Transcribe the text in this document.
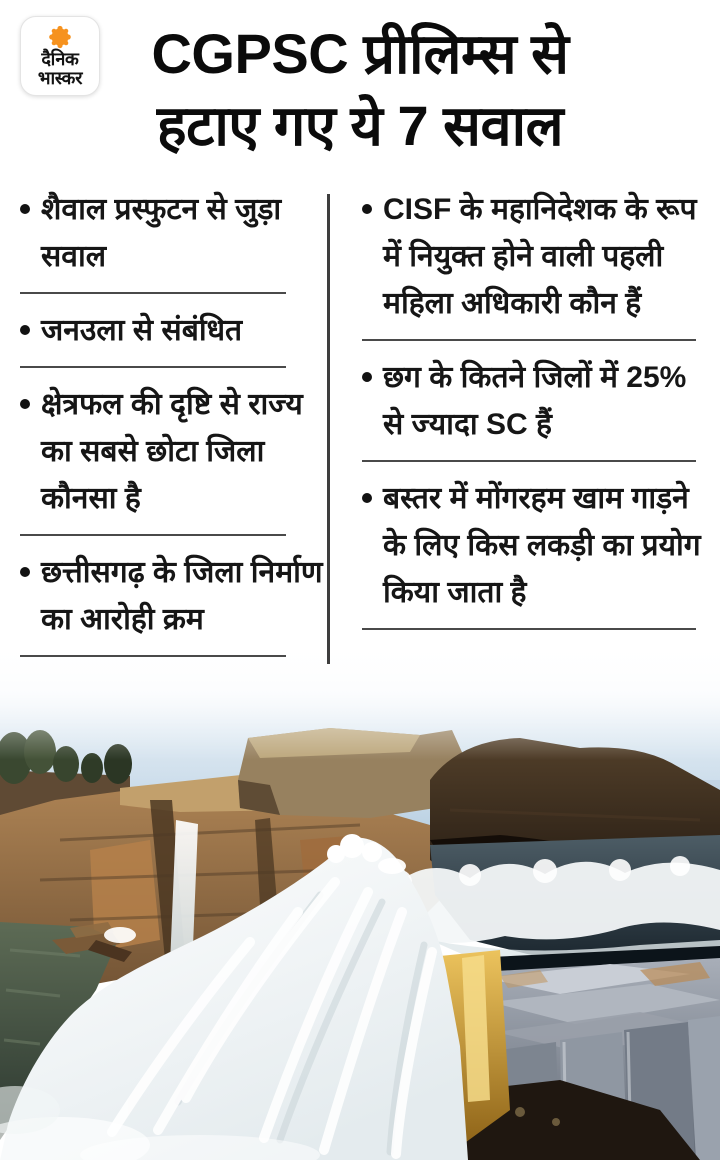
दैनिक
भास्कर	CGPSC प्रीलिम्स से
हटाए गए ये 7 सवाल

शैवाल प्रस्फुटन से जुड़ा सवाल

जनउला से संबंधित

क्षेत्रफल की दृष्टि से राज्य का सबसे छोटा जिला कौनसा है

छत्तीसगढ़ के जिला निर्माण का आरोही क्रम

CISF के महानिदेशक के रूप में नियुक्त होने वाली पहली महिला अधिकारी कौन हैं

छग के कितने जिलों में 25% से ज्यादा SC हैं

बस्तर में मोंगरहम खाम गाड़ने के लिए किस लकड़ी का प्रयोग किया जाता है
